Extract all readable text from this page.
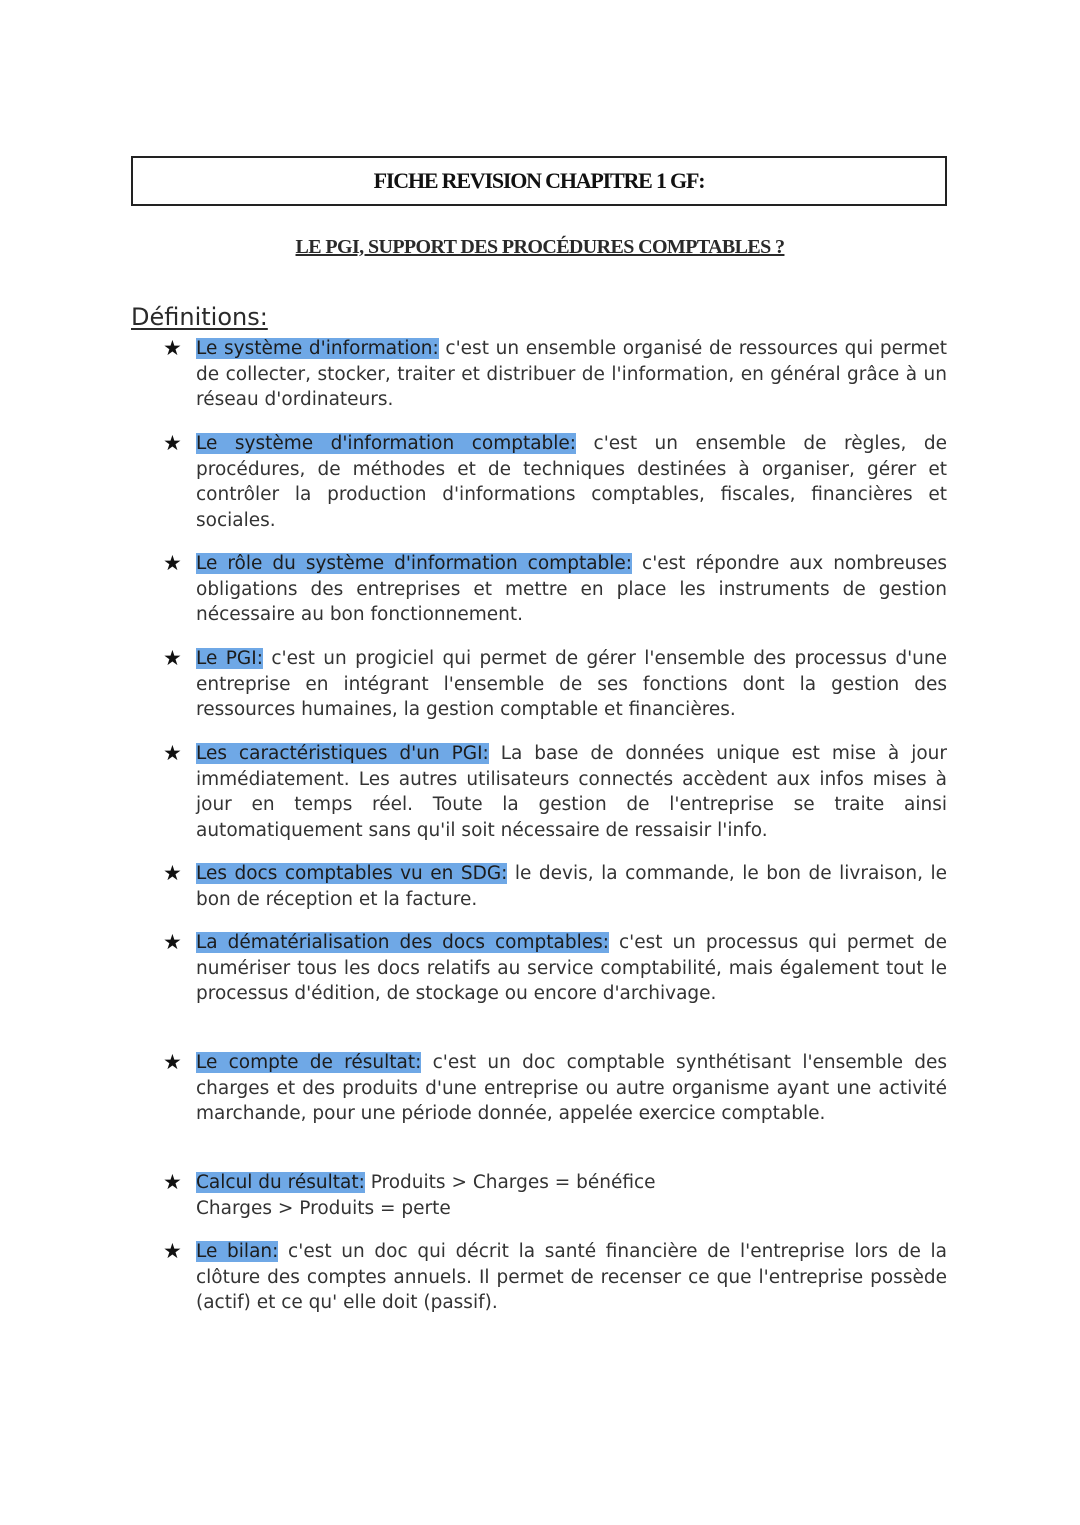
FICHE REVISION CHAPITRE 1 GF:
LE PGI, SUPPORT DES PROCÉDURES COMPTABLES ?
Définitions:
★ Le système d'information: c'est un ensemble organisé de ressources qui permet de collecter, stocker, traiter et distribuer de l'information, en général grâce à un réseau d'ordinateurs.
★ Le système d'information comptable: c'est un ensemble de règles, de procédures, de méthodes et de techniques destinées à organiser, gérer et contrôler la production d'informations comptables, fiscales, financières et sociales.
★ Le rôle du système d'information comptable: c'est répondre aux nombreuses obligations des entreprises et mettre en place les instruments de gestion nécessaire au bon fonctionnement.
★ Le PGI: c'est un progiciel qui permet de gérer l'ensemble des processus d'une entreprise en intégrant l'ensemble de ses fonctions dont la gestion des ressources humaines, la gestion comptable et financières.
★ Les caractéristiques d'un PGI: La base de données unique est mise à jour immédiatement. Les autres utilisateurs connectés accèdent aux infos mises à jour en temps réel. Toute la gestion de l'entreprise se traite ainsi automatiquement sans qu'il soit nécessaire de ressaisir l'info.
★ Les docs comptables vu en SDG: le devis, la commande, le bon de livraison, le bon de réception et la facture.
★ La dématérialisation des docs comptables: c'est un processus qui permet de numériser tous les docs relatifs au service comptabilité, mais également tout le processus d'édition, de stockage ou encore d'archivage.
★ Le compte de résultat: c'est un doc comptable synthétisant l'ensemble des charges et des produits d'une entreprise ou autre organisme ayant une activité marchande, pour une période donnée, appelée exercice comptable.
★ Calcul du résultat: Produits > Charges = bénéfice
Charges > Produits = perte
★ Le bilan: c'est un doc qui décrit la santé financière de l'entreprise lors de la clôture des comptes annuels. Il permet de recenser ce que l'entreprise possède (actif) et ce qu' elle doit (passif).
